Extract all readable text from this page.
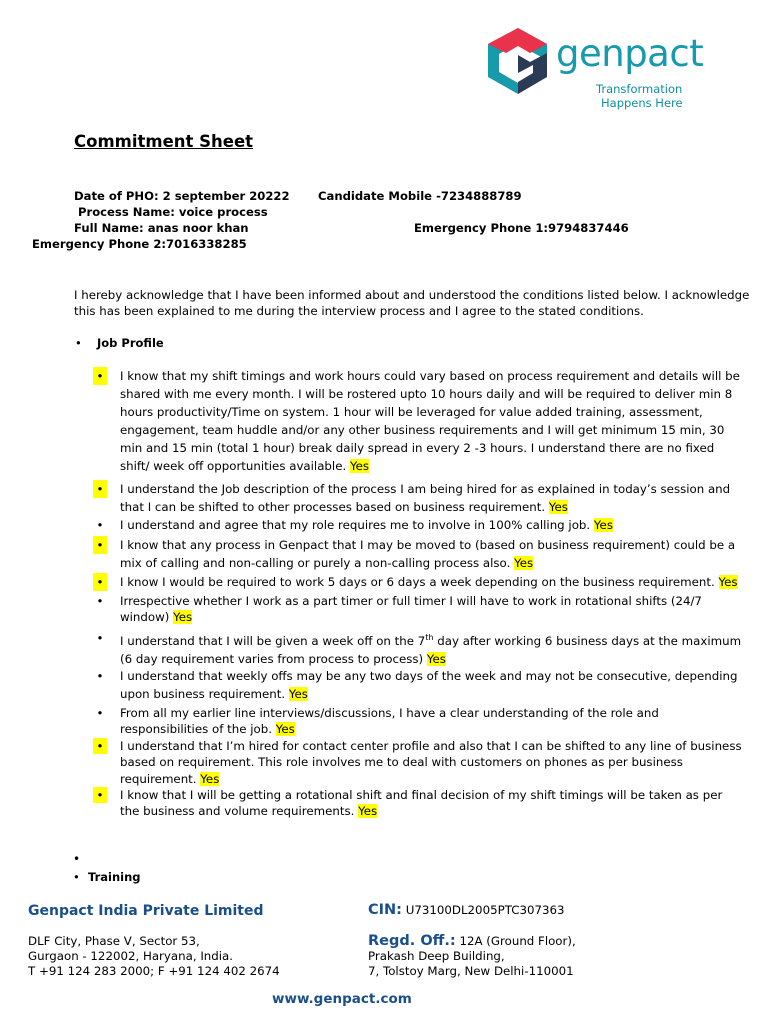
genpact
Transformation
Happens Here
Commitment Sheet
Date of PHO: 2 september 20222 Candidate Mobile -7234888789
Process Name: voice process
Full Name: anas noor khan	Emergency Phone 1:9794837446
Emergency Phone 2:7016338285
I hereby acknowledge that I have been informed about and understood the conditions listed below. I acknowledge this has been explained to me during the interview process and I agree to the stated conditions.
• Job Profile
• I know that my shift timings and work hours could vary based on process requirement and details will be shared with me every month. I will be rostered upto 10 hours daily and will be required to deliver min 8 hours productivity/Time on system. 1 hour will be leveraged for value added training, assessment, engagement, team huddle and/or any other business requirements and I will get minimum 15 min, 30 min and 15 min (total 1 hour) break daily spread in every 2 -3 hours. I understand there are no fixed shift/ week off opportunities available. Yes
• I understand the Job description of the process I am being hired for as explained in today’s session and that I can be shifted to other processes based on business requirement. Yes
• I understand and agree that my role requires me to involve in 100% calling job. Yes
• I know that any process in Genpact that I may be moved to (based on business requirement) could be a mix of calling and non-calling or purely a non-calling process also. Yes
• I know I would be required to work 5 days or 6 days a week depending on the business requirement. Yes
• Irrespective whether I work as a part timer or full timer I will have to work in rotational shifts (24/7 window) Yes
• I understand that I will be given a week off on the 7th day after working 6 business days at the maximum (6 day requirement varies from process to process) Yes
• I understand that weekly offs may be any two days of the week and may not be consecutive, depending upon business requirement. Yes
• From all my earlier line interviews/discussions, I have a clear understanding of the role and responsibilities of the job. Yes
• I understand that I’m hired for contact center profile and also that I can be shifted to any line of business based on requirement. This role involves me to deal with customers on phones as per business requirement. Yes
• I know that I will be getting a rotational shift and final decision of my shift timings will be taken as per the business and volume requirements. Yes
•
• Training
Genpact India Private Limited
DLF City, Phase V, Sector 53,
Gurgaon - 122002, Haryana, India.
T +91 124 283 2000; F +91 124 402 2674
CIN: U73100DL2005PTC307363
Regd. Off.: 12A (Ground Floor),
Prakash Deep Building,
7, Tolstoy Marg, New Delhi-110001
www.genpact.com
